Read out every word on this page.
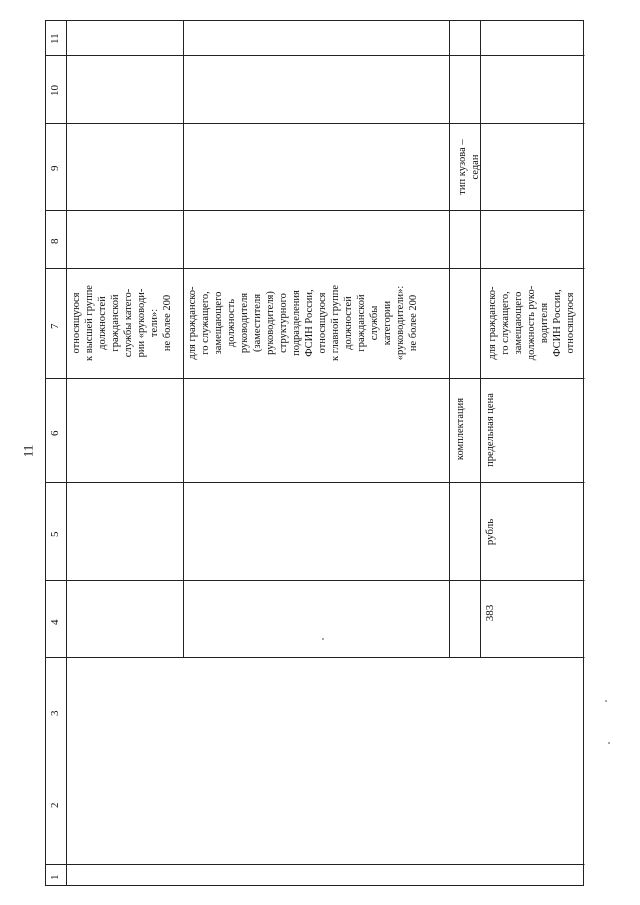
11
1
2
3
4
5
6
7
8
9
10
11
относящуюся к высшей группе должностей гражданской службы катего- рии «руководи- тели»: не более 200 для гражданско- го служащего, замещающего должность руководителя (заместителя руководителя) структурного подразделения ФСИН России, относящуюся к главной группе должностей гражданской службы категории «руководители»: не более 200
комплектация
тип кузова – седан
383
рубль
предельная цена
для гражданско- го служащего, замещающего должность руко- водителя ФСИН России, относящуюся
